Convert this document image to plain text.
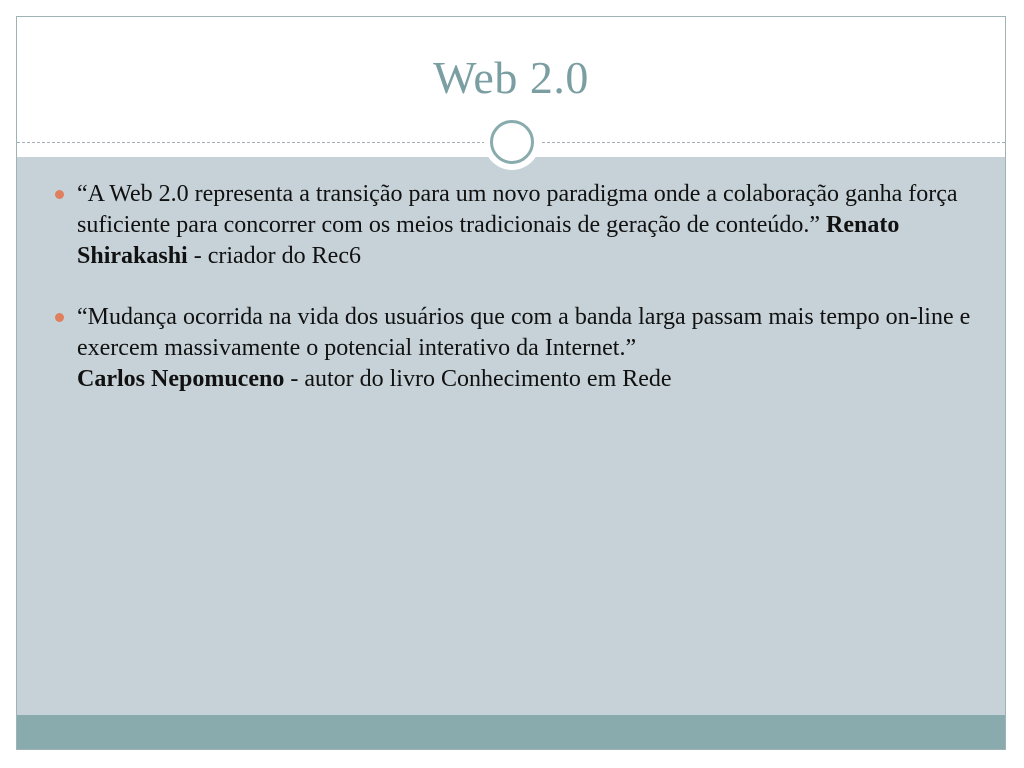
Web 2.0
“A Web 2.0 representa a transição para um novo paradigma onde a colaboração ganha força suficiente para concorrer com os meios tradicionais de geração de conteúdo.” Renato Shirakashi - criador do Rec6
“Mudança ocorrida na vida dos usuários que com a banda larga passam mais tempo on-line e exercem massivamente o potencial interativo da Internet.”
Carlos Nepomuceno - autor do livro Conhecimento em Rede
